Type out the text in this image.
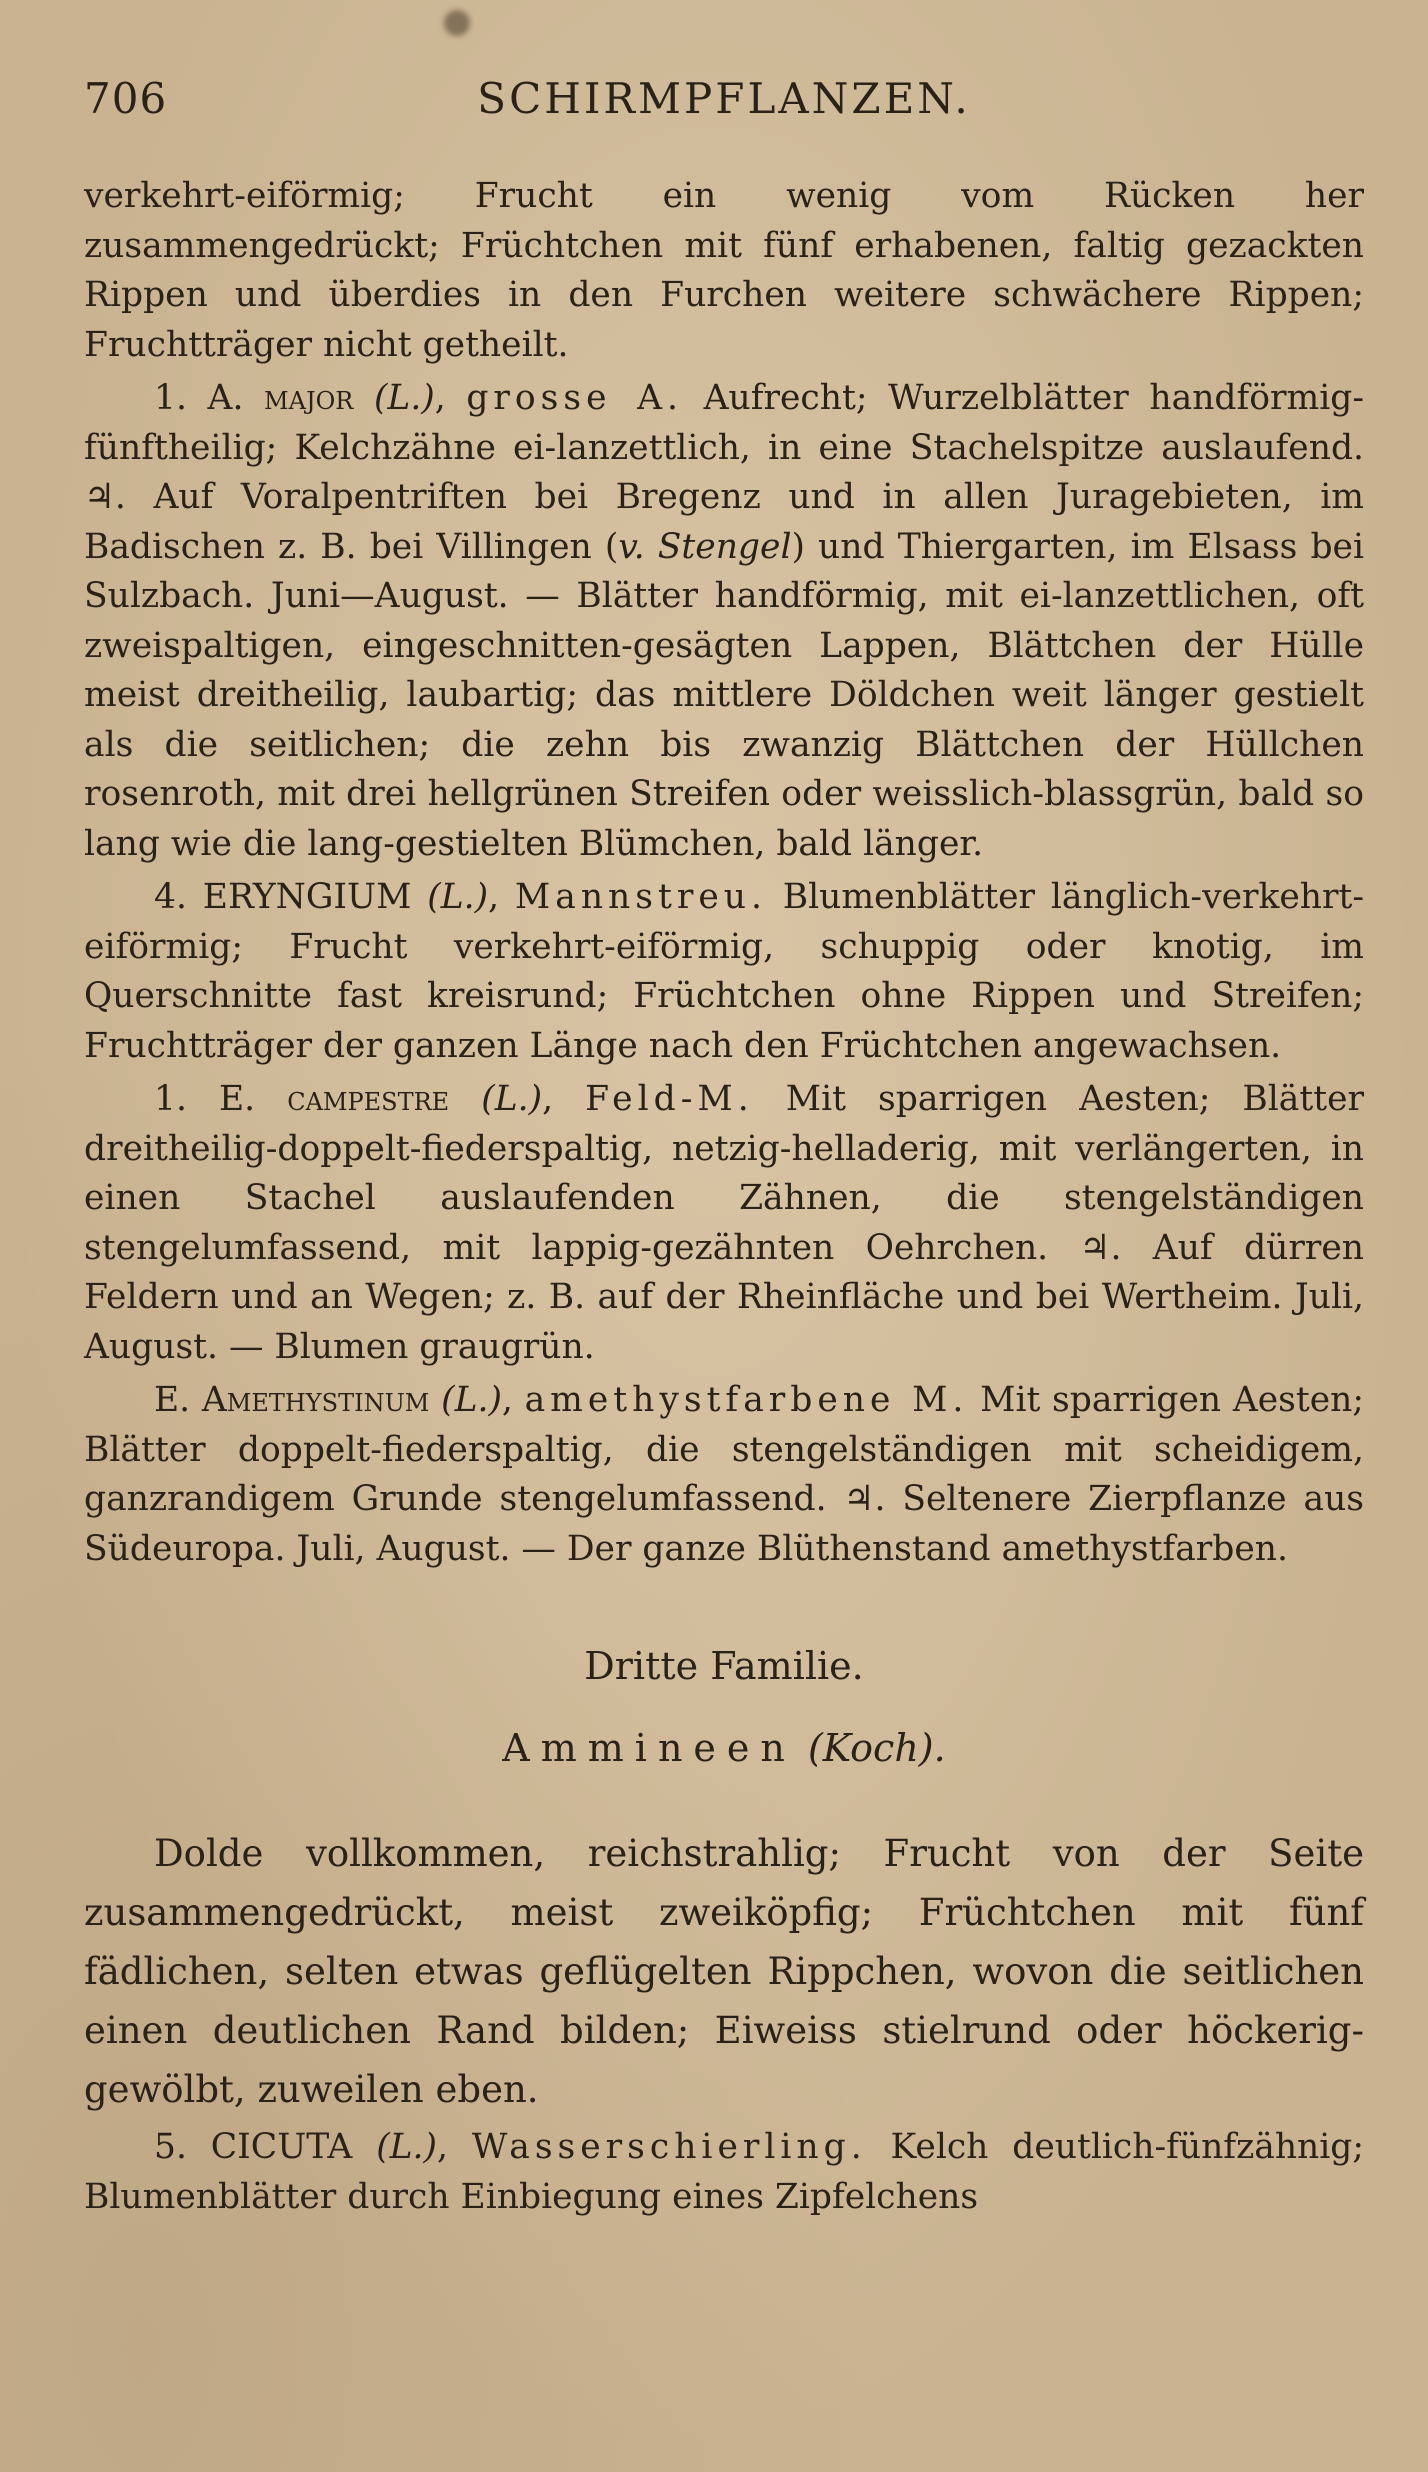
706	SCHIRMPFLANZEN.

verkehrt-eiförmig; Frucht ein wenig vom Rücken her zusammengedrückt; Früchtchen mit fünf erhabenen, faltig gezackten Rippen und überdies in den Furchen weitere schwächere Rippen; Fruchtträger nicht getheilt.

1. A. major (L.), grosse A. Aufrecht; Wurzelblätter handförmig-fünftheilig; Kelchzähne ei-lanzettlich, in eine Stachelspitze auslaufend. ♃. Auf Voralpentriften bei Bregenz und in allen Juragebieten, im Badischen z. B. bei Villingen (v. Stengel) und Thiergarten, im Elsass bei Sulzbach. Juni—August. — Blätter handförmig, mit ei-lanzettlichen, oft zweispaltigen, eingeschnitten-gesägten Lappen, Blättchen der Hülle meist dreitheilig, laubartig; das mittlere Döldchen weit länger gestielt als die seitlichen; die zehn bis zwanzig Blättchen der Hüllchen rosenroth, mit drei hellgrünen Streifen oder weisslich-blassgrün, bald so lang wie die lang-gestielten Blümchen, bald länger.

4. ERYNGIUM (L.), Mannstreu. Blumenblätter länglich-verkehrt-eiförmig; Frucht verkehrt-eiförmig, schuppig oder knotig, im Querschnitte fast kreisrund; Früchtchen ohne Rippen und Streifen; Fruchtträger der ganzen Länge nach den Früchtchen angewachsen.

1. E. campestre (L.), Feld-M. Mit sparrigen Aesten; Blätter dreitheilig-doppelt-fiederspaltig, netzig-helladerig, mit verlängerten, in einen Stachel auslaufenden Zähnen, die stengelständigen stengelumfassend, mit lappig-gezähnten Oehrchen. ♃. Auf dürren Feldern und an Wegen; z. B. auf der Rheinfläche und bei Wertheim. Juli, August. — Blumen graugrün.

E. Amethystinum (L.), amethystfarbene M. Mit sparrigen Aesten; Blätter doppelt-fiederspaltig, die stengelständigen mit scheidigem, ganzrandigem Grunde stengelumfassend. ♃. Seltenere Zierpflanze aus Südeuropa. Juli, August. — Der ganze Blüthenstand amethystfarben.

Dritte Familie.
Ammineen (Koch).

Dolde vollkommen, reichstrahlig; Frucht von der Seite zusammengedrückt, meist zweiköpfig; Früchtchen mit fünf fädlichen, selten etwas geflügelten Rippchen, wovon die seitlichen einen deutlichen Rand bilden; Eiweiss stielrund oder höckerig-gewölbt, zuweilen eben.

5. CICUTA (L.), Wasserschierling. Kelch deutlich-fünfzähnig; Blumenblätter durch Einbiegung eines Zipfelchens
